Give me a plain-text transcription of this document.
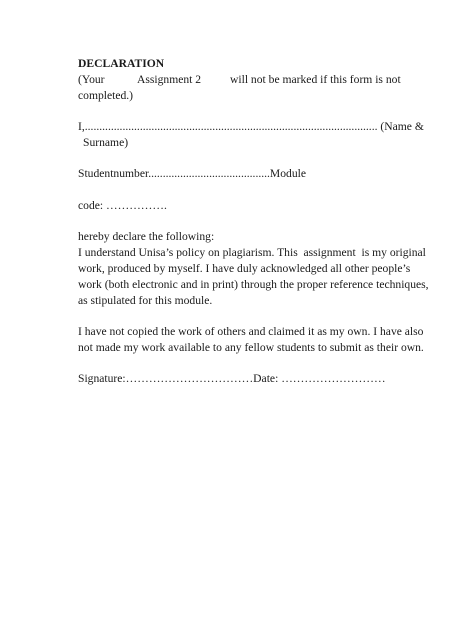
DECLARATION
(Your	Assignment 2 will not be marked if this form is not
completed.)
I,..................................................................................................... (Name &
Surname)
Studentnumber..........................................Module
code: …………….
hereby declare the following:
I understand Unisa’s policy on plagiarism. This  assignment  is my original
work, produced by myself. I have duly acknowledged all other people’s
work (both electronic and in print) through the proper reference techniques,
as stipulated for this module.
I have not copied the work of others and claimed it as my own. I have also
not made my work available to any fellow students to submit as their own.
Signature:……………………………Date: ………………………
